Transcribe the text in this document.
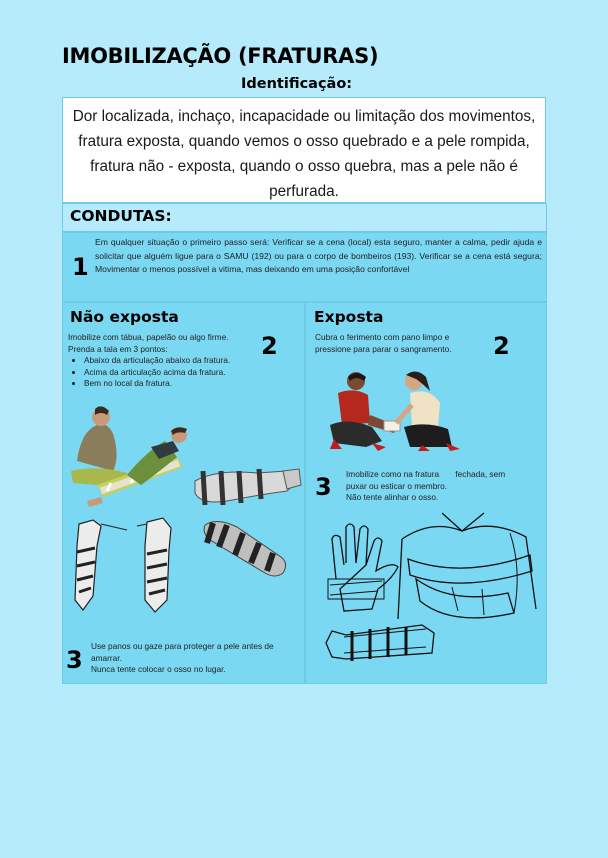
IMOBILIZAÇÃO (FRATURAS)
Identificação:
Dor localizada, inchaço, incapacidade ou limitação dos movimentos, fratura exposta, quando vemos o osso quebrado e a pele rompida, fratura não - exposta, quando o osso quebra, mas a pele não é perfurada.
CONDUTAS:
1

Em qualquer situação o primeiro passo será: Verificar se a cena (local) esta seguro, manter a calma, pedir ajuda e solicitar que alguém ligue para o SAMU (192) ou para o corpo de bombeiros (193). Verificar se a cena está segura; Movimentar o menos possível a vitima, mas deixando em uma posição confortável

Não exposta
Imobilize com tábua, papelão ou algo firme.
Prenda a tala em 3 pontos:
• Abaixo da articulação abaixo da fratura.
• Acima da articulação acima da fratura.
• Bem no local da fratura.
2
3 Use panos ou gaze para proteger a pele antes de amarrar.
Nunca tente colocar o osso no lugar.
Exposta
Cubra o ferimento com pano limpo e pressione para parar o sangramento.	2
3 Imobilize como na fratura fechada, sem puxar ou esticar o membro.
Não tente alinhar o osso.
